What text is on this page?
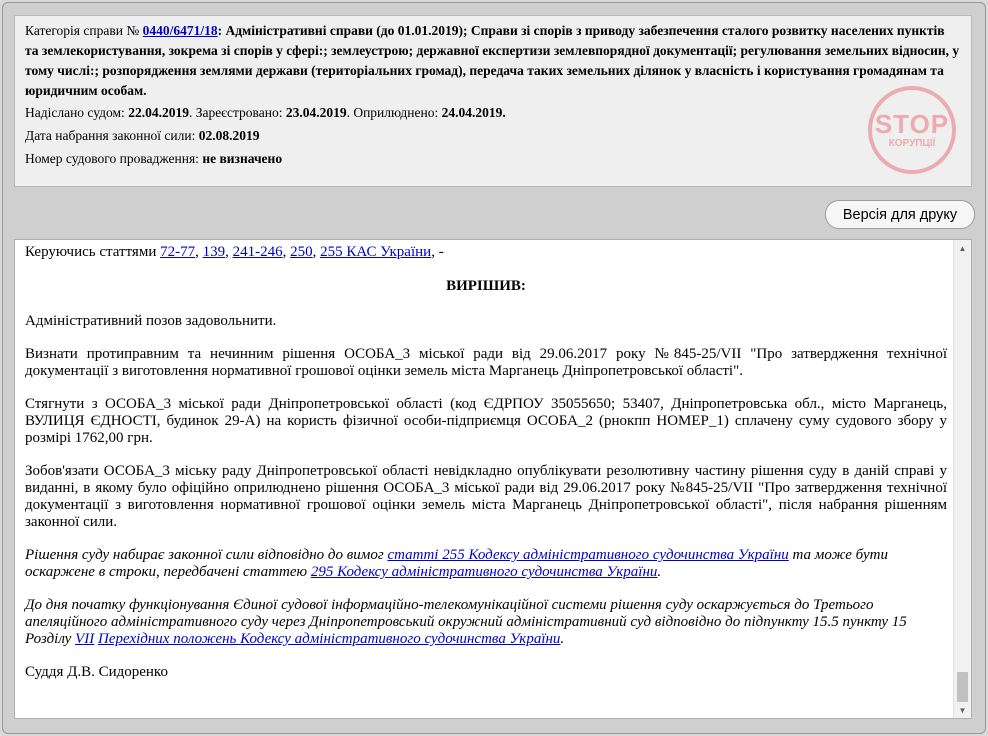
Категорія справи № 0440/6471/18: Адміністративні справи (до 01.01.2019); Справи зі спорів з приводу забезпечення сталого розвитку населених пунктів та землекористування, зокрема зі спорів у сфері:; землеустрою; державної експертизи землевпорядної документації; регулювання земельних відносин, у тому числі:; розпорядження землями держави (територіальних громад), передача таких земельних ділянок у власність і користування громадянам та юридичним особам.

Надіслано судом: 22.04.2019. Зареєстровано: 23.04.2019. Оприлюднено: 24.04.2019.

Дата набрання законної сили: 02.08.2019

Номер судового провадження: не визначено

STOP
КОРУПЦІЇ
Версія для друку

Керуючись статтями 72-77, 139, 241-246, 250, 255 КАС України, -

ВИРІШИВ:

Адміністративний позов задовольнити.

Визнати протиправним та нечинним рішення ОСОБА_3 міської ради від 29.06.2017 року №845-25/VII "Про затвердження технічної документації з виготовлення нормативної грошової оцінки земель міста Марганець Дніпропетровської області".

Стягнути з ОСОБА_3 міської ради Дніпропетровської області (код ЄДРПОУ 35055650; 53407, Дніпропетровська обл., місто Марганець, ВУЛИЦЯ ЄДНОСТІ, будинок 29-А) на користь фізичної особи-підприємця ОСОБА_2 (рнокпп НОМЕР_1) сплачену суму судового збору у розмірі 1762,00 грн.

Зобов'язати ОСОБА_3 міську раду Дніпропетровської області невідкладно опублікувати резолютивну частину рішення суду в даній справі у виданні, в якому було офіційно оприлюднено рішення ОСОБА_3 міської ради від 29.06.2017 року №845-25/VII "Про затвердження технічної документації з виготовлення нормативної грошової оцінки земель міста Марганець Дніпропетровської області", після набрання рішенням законної сили.

Рішення суду набирає законної сили відповідно до вимог статті 255 Кодексу адміністративного судочинства України та може бути оскаржене в строки, передбачені статтею 295 Кодексу адміністративного судочинства України.

До дня початку функціонування Єдиної судової інформаційно-телекомунікаційної системи рішення суду оскаржується до Третього апеляційного адміністративного суду через Дніпропетровський окружний адміністративний суд відповідно до підпункту 15.5 пункту 15 Розділу VII Перехідних положень Кодексу адміністративного судочинства України.

Суддя Д.В. Сидоренко

▲
▼
